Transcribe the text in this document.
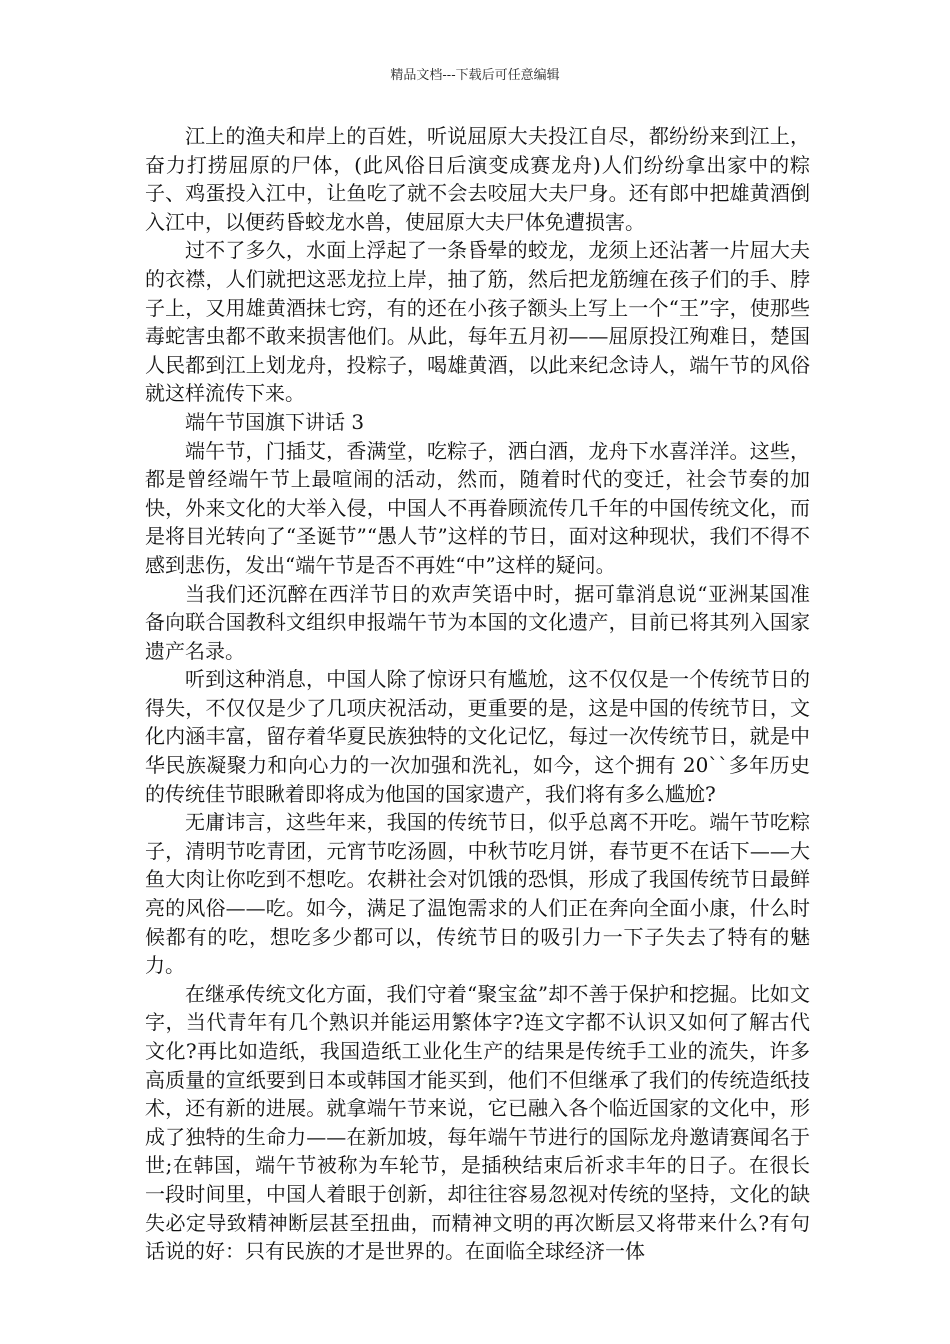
精品文档---下载后可任意编辑

江上的渔夫和岸上的百姓，听说屈原大夫投江自尽，都纷纷来到江上，奋力打捞屈原的尸体，(此风俗日后演变成赛龙舟)人们纷纷拿出家中的粽子、鸡蛋投入江中，让鱼吃了就不会去咬屈大夫尸身。还有郎中把雄黄酒倒入江中，以便药昏蛟龙水兽，使屈原大夫尸体免遭损害。

过不了多久，水面上浮起了一条昏晕的蛟龙，龙须上还沾著一片屈大夫的衣襟，人们就把这恶龙拉上岸，抽了筋，然后把龙筋缠在孩子们的手、脖子上，又用雄黄酒抹七窍，有的还在小孩子额头上写上一个“王”字，使那些毒蛇害虫都不敢来损害他们。从此，每年五月初——屈原投江殉难日，楚国人民都到江上划龙舟，投粽子，喝雄黄酒，以此来纪念诗人，端午节的风俗就这样流传下来。

端午节国旗下讲话 3

端午节，门插艾，香满堂，吃粽子，洒白酒，龙舟下水喜洋洋。这些，都是曾经端午节上最喧闹的活动，然而，随着时代的变迁，社会节奏的加快，外来文化的大举入侵，中国人不再眷顾流传几千年的中国传统文化，而是将目光转向了“圣诞节”“愚人节”这样的节日，面对这种现状，我们不得不感到悲伤，发出“端午节是否不再姓“中”这样的疑问。

当我们还沉醉在西洋节日的欢声笑语中时，据可靠消息说“亚洲某国准备向联合国教科文组织申报端午节为本国的文化遗产，目前已将其列入国家遗产名录。

听到这种消息，中国人除了惊讶只有尴尬，这不仅仅是一个传统节日的得失，不仅仅是少了几项庆祝活动，更重要的是，这是中国的传统节日，文化内涵丰富，留存着华夏民族独特的文化记忆，每过一次传统节日，就是中华民族凝聚力和向心力的一次加强和洗礼，如今，这个拥有 20``多年历史的传统佳节眼瞅着即将成为他国的国家遗产，我们将有多么尴尬?

无庸讳言，这些年来，我国的传统节日，似乎总离不开吃。端午节吃粽子，清明节吃青团，元宵节吃汤圆，中秋节吃月饼，春节更不在话下——大鱼大肉让你吃到不想吃。农耕社会对饥饿的恐惧，形成了我国传统节日最鲜亮的风俗——吃。如今，满足了温饱需求的人们正在奔向全面小康，什么时候都有的吃，想吃多少都可以，传统节日的吸引力一下子失去了特有的魅力。

在继承传统文化方面，我们守着“聚宝盆”却不善于保护和挖掘。比如文字，当代青年有几个熟识并能运用繁体字?连文字都不认识又如何了解古代文化?再比如造纸，我国造纸工业化生产的结果是传统手工业的流失，许多高质量的宣纸要到日本或韩国才能买到，他们不但继承了我们的传统造纸技术，还有新的进展。就拿端午节来说，它已融入各个临近国家的文化中，形成了独特的生命力——在新加坡，每年端午节进行的国际龙舟邀请赛闻名于世;在韩国，端午节被称为车轮节，是插秧结束后祈求丰年的日子。在很长一段时间里，中国人着眼于创新，却往往容易忽视对传统的坚持，文化的缺失必定导致精神断层甚至扭曲，而精神文明的再次断层又将带来什么?有句话说的好：只有民族的才是世界的。在面临全球经济一体
